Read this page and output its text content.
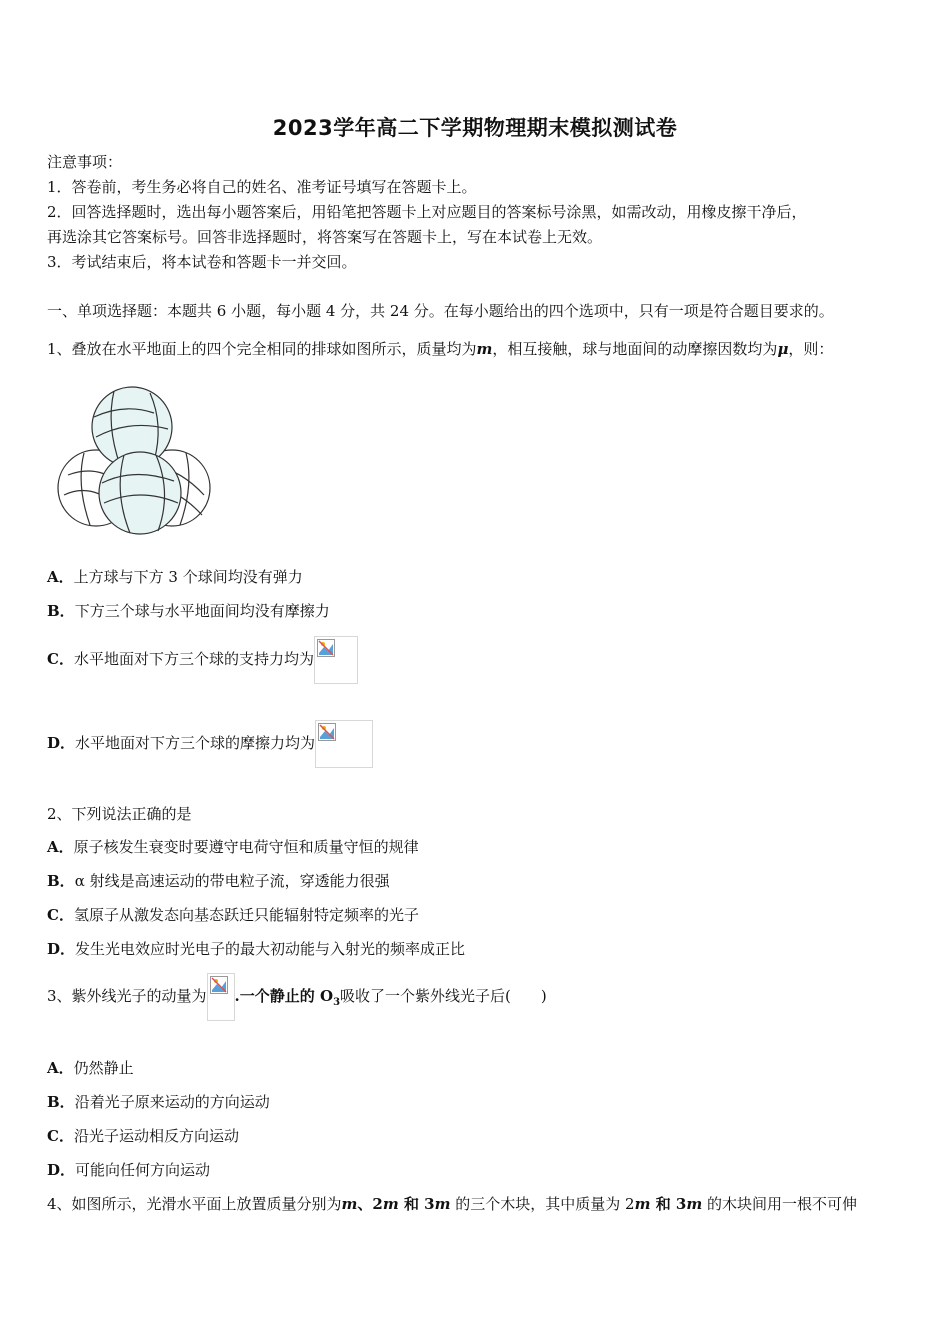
2023学年高二下学期物理期末模拟测试卷
注意事项：
1．答卷前，考生务必将自己的姓名、准考证号填写在答题卡上。
2．回答选择题时，选出每小题答案后，用铅笔把答题卡上对应题目的答案标号涂黑，如需改动，用橡皮擦干净后，
再选涂其它答案标号。回答非选择题时，将答案写在答题卡上，写在本试卷上无效。
3．考试结束后，将本试卷和答题卡一并交回。
一、单项选择题：本题共 6 小题，每小题 4 分，共 24 分。在每小题给出的四个选项中，只有一项是符合题目要求的。
1、叠放在水平地面上的四个完全相同的排球如图所示，质量均为m，相互接触，球与地面间的动摩擦因数均为μ，则：
A．上方球与下方 3 个球间均没有弹力
B．下方三个球与水平地面间均没有摩擦力
C．水平地面对下方三个球的支持力均为
D．水平地面对下方三个球的摩擦力均为
2、下列说法正确的是
A．原子核发生衰变时要遵守电荷守恒和质量守恒的规律
B．α 射线是高速运动的带电粒子流，穿透能力很强
C．氢原子从激发态向基态跃迁只能辐射特定频率的光子
D．发生光电效应时光电子的最大初动能与入射光的频率成正比
3、紫外线光子的动量为 .一个静止的 $O_3$吸收了一个紫外线光子后(　　)
A．仍然静止
B．沿着光子原来运动的方向运动
C．沿光子运动相反方向运动
D．可能向任何方向运动
4、如图所示，光滑水平面上放置质量分别为m、2m 和 3m 的三个木块，其中质量为 2m 和 3m 的木块间用一根不可伸
